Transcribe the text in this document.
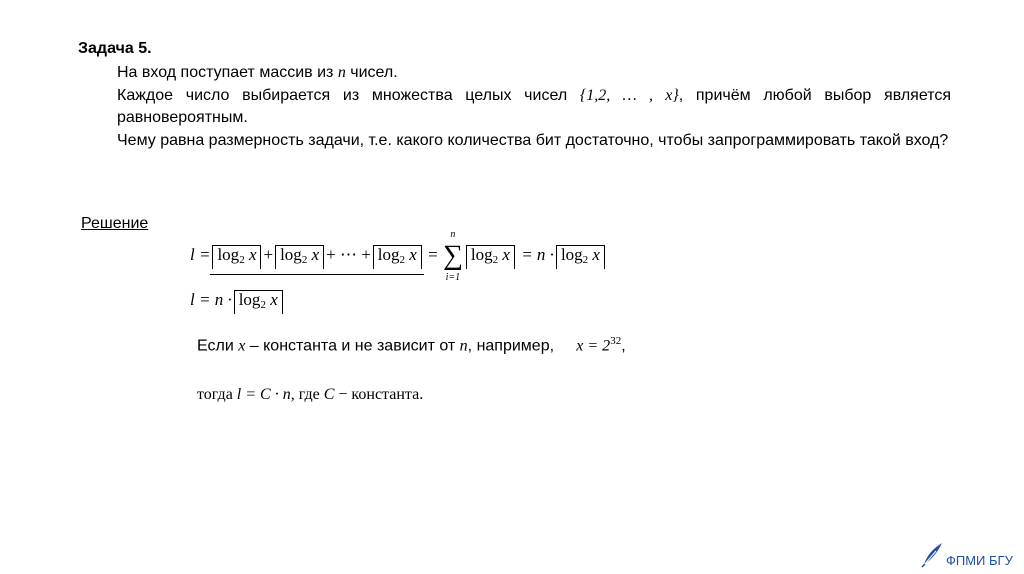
Задача 5.

На вход поступает массив из n чисел.

Каждое число выбирается из множества целых чисел {1,2, … , x}, причём любой выбор является равновероятным.

Чему равна размерность задачи, т.е. какого количества бит достаточно, чтобы запрограммировать такой вход?

Решение
$l = \log_2 x + \log_2 x$ + ⋯ + $\log_2 x$ =
n
∑
i=1
$\log_2 x = n \cdot \log_2 x$
$l = n \cdot \log_2 x$
Если x – константа и не зависит от n, например, $x = 2^{32}$,
тогда l = C · n, где C − константа.
ФПМИ БГУ
